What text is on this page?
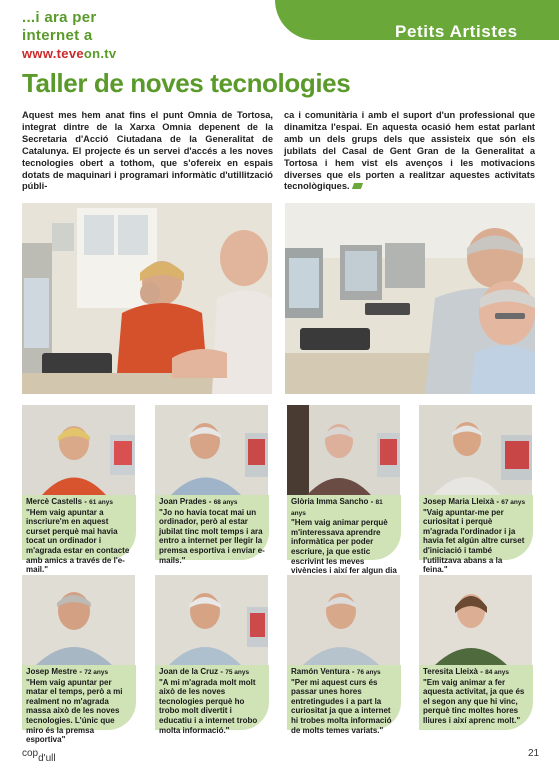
...i ara per
internet a
www.teveon.tv
Petits Artistes
Taller de noves tecnologies
Aquest mes hem anat fins el punt Omnia de Tortosa, integrat dintre de la Xarxa Omnia depenent de la Secretaria d'Acció Ciutadana de la Generalitat de Catalunya. El projecte és un servei d'accés a les noves tecnologies obert a tothom, que s'ofereix en espais dotats de maquinari i programari informàtic d'utillització públi-
ca i comunitària i amb el suport d'un professional que dinamitza l'espai. En aquesta ocasió hem estat parlant amb un dels grups dels que assisteix que són els jubilats del Casal de Gent Gran de la Generalitat a Tortosa i hem vist els avenços i les motivacions diverses que els porten a realitzar aquestes activitats tecnològiques.
Mercè Castells - 61 anys
"Hem vaig apuntar a inscriure'm en aquest curset perquè mai havia tocat un ordinador i m'agrada estar en contacte amb amics a través de l'e-mail."
Joan Prades - 68 anys
"Jo no havia tocat mai un ordinador, però al estar jubilat tinc molt temps i ara entro a internet per llegir la premsa esportiva i enviar e-mails."
Glòria Imma Sancho - 81 anys
"Hem vaig animar perquè m'interessava aprendre informàtica per poder escriure, ja que estic escrivint les meves vivències i així fer algun dia
Josep Maria Lleixà - 67 anys
"Vaig apuntar-me per curiositat i perquè m'agrada l'ordinador i ja havia fet algún altre curset d'iniciació i també l'utilitzava abans a la feina."
Josep Mestre - 72 anys
"Hem vaig apuntar per matar el temps, però a mi realment no m'agrada massa això de les noves tecnologies. L'únic que miro és la premsa esportiva"
Joan de la Cruz - 75 anys
"A mi m'agrada molt molt això de les noves tecnologies perquè ho trobo molt divertit i educatiu i a internet trobo molta informació."
Ramón Ventura - 76 anys
"Per mi aquest curs és passar unes hores entretingudes i a part la curiositat ja que a internet hi trobes molta informació de molts temes variats."
Teresita Lleixà - 84 anys
"Em vaig animar a fer aquesta activitat, ja que és el segon any que hi vinc, perquè tinc moltes hores lliures i així aprenc molt."
copd'ull	21
